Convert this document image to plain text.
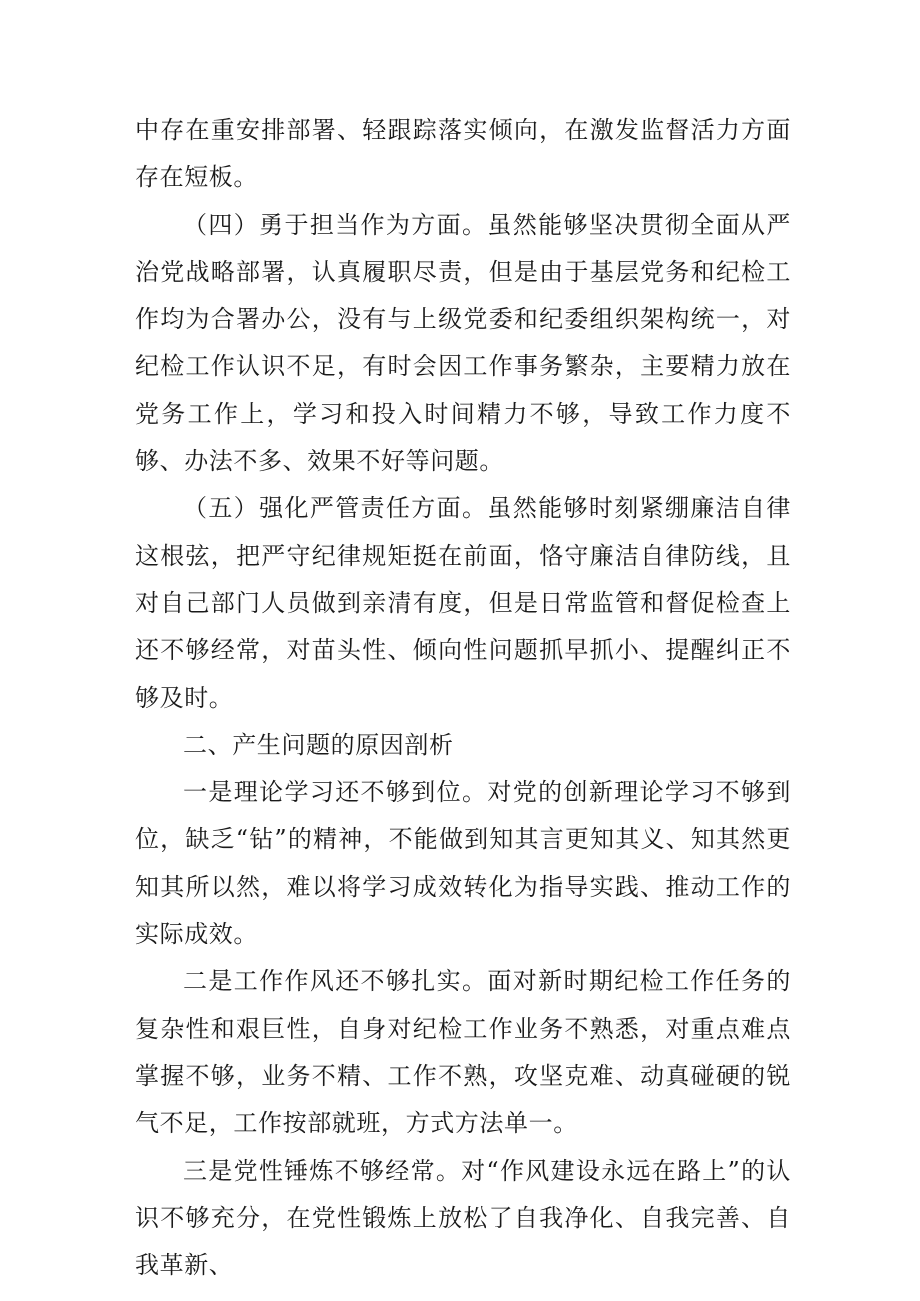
中存在重安排部署、轻跟踪落实倾向，在激发监督活力方面存在短板。

（四）勇于担当作为方面。虽然能够坚决贯彻全面从严治党战略部署，认真履职尽责，但是由于基层党务和纪检工作均为合署办公，没有与上级党委和纪委组织架构统一，对纪检工作认识不足，有时会因工作事务繁杂，主要精力放在党务工作上，学习和投入时间精力不够，导致工作力度不够、办法不多、效果不好等问题。

（五）强化严管责任方面。虽然能够时刻紧绷廉洁自律这根弦，把严守纪律规矩挺在前面，恪守廉洁自律防线，且对自己部门人员做到亲清有度，但是日常监管和督促检查上还不够经常，对苗头性、倾向性问题抓早抓小、提醒纠正不够及时。

二、产生问题的原因剖析

一是理论学习还不够到位。对党的创新理论学习不够到位，缺乏“钻”的精神，不能做到知其言更知其义、知其然更知其所以然，难以将学习成效转化为指导实践、推动工作的实际成效。

二是工作作风还不够扎实。面对新时期纪检工作任务的复杂性和艰巨性，自身对纪检工作业务不熟悉，对重点难点掌握不够，业务不精、工作不熟，攻坚克难、动真碰硬的锐气不足，工作按部就班，方式方法单一。

三是党性锤炼不够经常。对“作风建设永远在路上”的认识不够充分，在党性锻炼上放松了自我净化、自我完善、自我革新、
